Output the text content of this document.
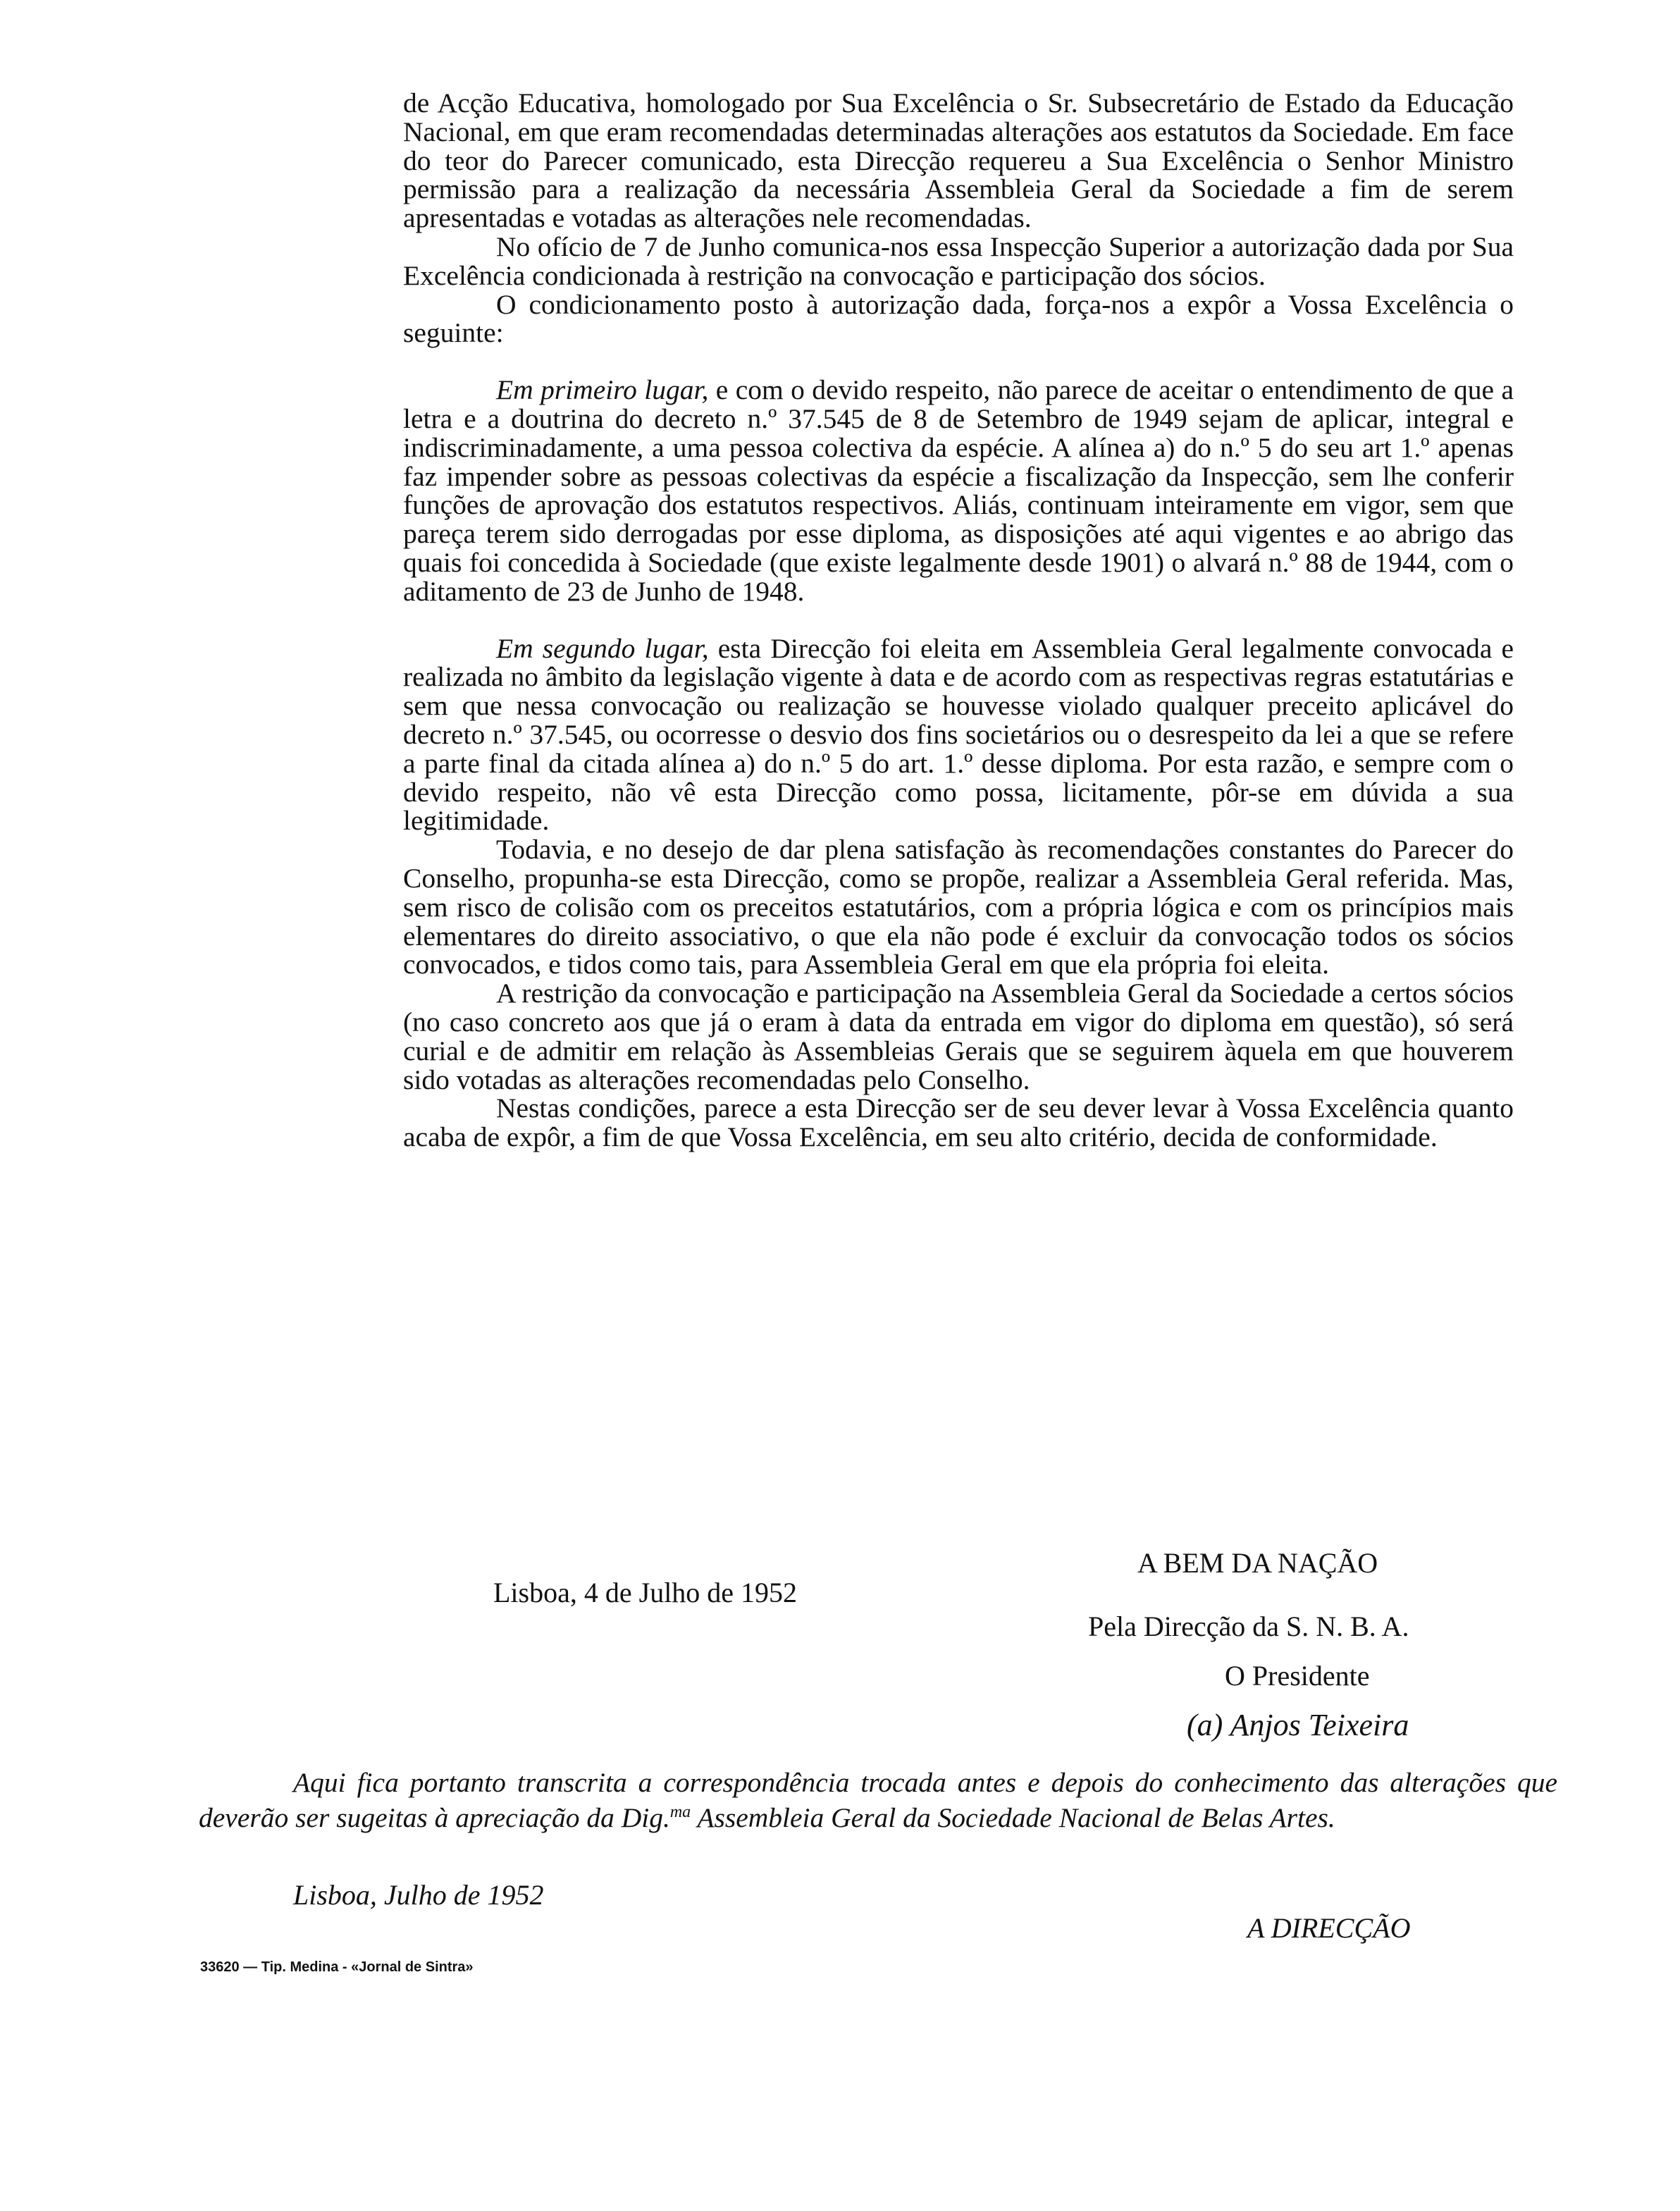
de Acção Educativa, homologado por Sua Excelência o Sr. Subsecretário de Estado da Educação Nacional, em que eram recomendadas determinadas alterações aos estatutos da Sociedade. Em face do teor do Parecer comunicado, esta Direcção requereu a Sua Excelência o Senhor Ministro permissão para a realização da necessária Assembleia Geral da Sociedade a fim de serem apresentadas e votadas as alterações nele recomendadas.

No ofício de 7 de Junho comunica-nos essa Inspecção Superior a autorização dada por Sua Excelência condicionada à restrição na convocação e participação dos sócios.

O condicionamento posto à autorização dada, força-nos a expôr a Vossa Excelência o seguinte:

Em primeiro lugar, e com o devido respeito, não parece de aceitar o entendimento de que a letra e a doutrina do decreto n.º 37.545 de 8 de Setembro de 1949 sejam de aplicar, integral e indiscriminadamente, a uma pessoa colectiva da espécie. A alínea a) do n.º 5 do seu art 1.º apenas faz impender sobre as pessoas colectivas da espécie a fiscalização da Inspecção, sem lhe conferir funções de aprovação dos estatutos respectivos. Aliás, continuam inteiramente em vigor, sem que pareça terem sido derrogadas por esse diploma, as disposições até aqui vigentes e ao abrigo das quais foi concedida à Sociedade (que existe legalmente desde 1901) o alvará n.º 88 de 1944, com o aditamento de 23 de Junho de 1948.

Em segundo lugar, esta Direcção foi eleita em Assembleia Geral legalmente convocada e realizada no âmbito da legislação vigente à data e de acordo com as respectivas regras estatutárias e sem que nessa convocação ou realização se houvesse violado qualquer preceito aplicável do decreto n.º 37.545, ou ocorresse o desvio dos fins societários ou o desrespeito da lei a que se refere a parte final da citada alínea a) do n.º 5 do art. 1.º desse diploma. Por esta razão, e sempre com o devido respeito, não vê esta Direcção como possa, licitamente, pôr-se em dúvida a sua legitimidade.

Todavia, e no desejo de dar plena satisfação às recomendações constantes do Parecer do Conselho, propunha-se esta Direcção, como se propõe, realizar a Assembleia Geral referida. Mas, sem risco de colisão com os preceitos estatutários, com a própria lógica e com os princípios mais elementares do direito associativo, o que ela não pode é excluir da convocação todos os sócios convocados, e tidos como tais, para Assembleia Geral em que ela própria foi eleita.

A restrição da convocação e participação na Assembleia Geral da Sociedade a certos sócios (no caso concreto aos que já o eram à data da entrada em vigor do diploma em questão), só será curial e de admitir em relação às Assembleias Gerais que se seguirem àquela em que houverem sido votadas as alterações recomendadas pelo Conselho.

Nestas condições, parece a esta Direcção ser de seu dever levar à Vossa Excelência quanto acaba de expôr, a fim de que Vossa Excelência, em seu alto critério, decida de conformidade.

A BEM DA NAÇÃO
Lisboa, 4 de Julho de 1952
Pela Direcção da S. N. B. A.
O Presidente
(a) Anjos Teixeira

Aqui fica portanto transcrita a correspondência trocada antes e depois do conhecimento das alterações que deverão ser sugeitas à apreciação da Dig.$^{ma}$ Assembleia Geral da Sociedade Nacional de Belas Artes.

Lisboa, Julho de 1952
A DIRECÇÃO
33620 — Tip. Medina - «Jornal de Sintra»
